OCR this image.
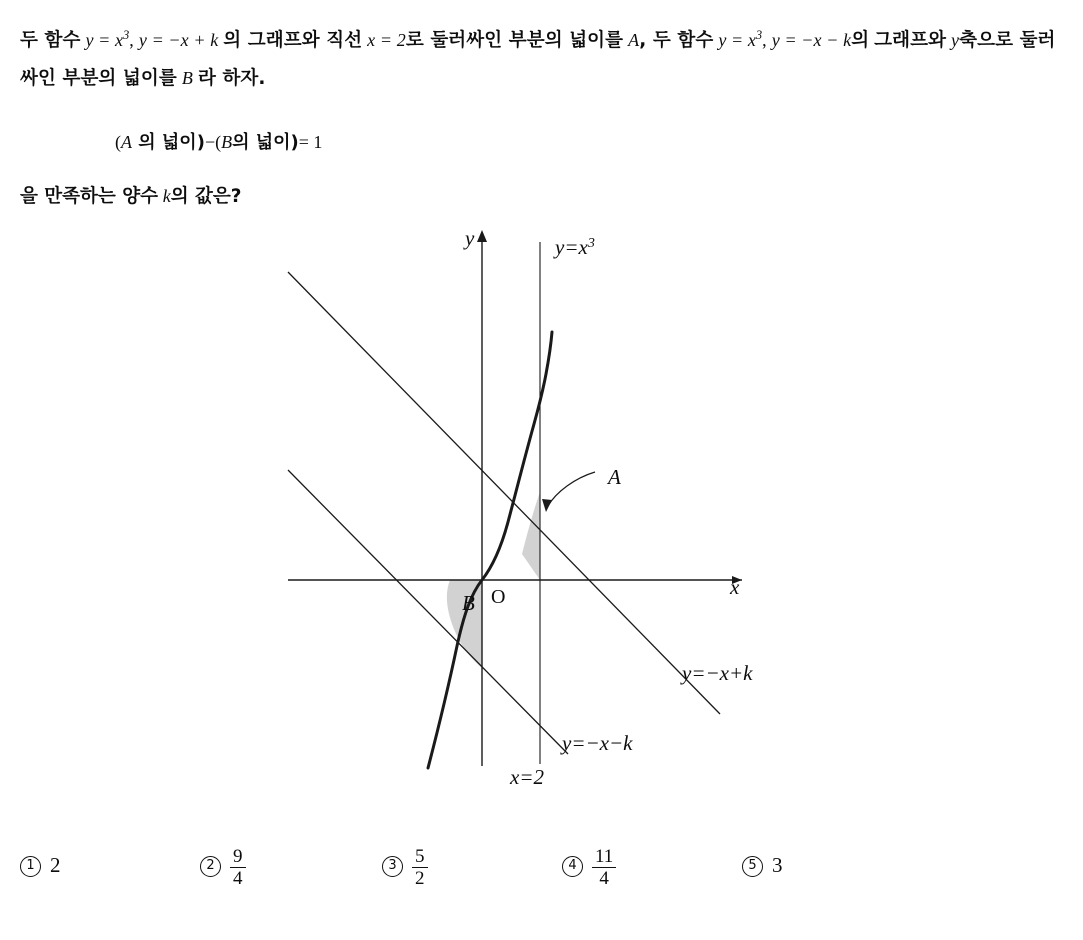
두 함수 $y = x^3$, y = −x + k 의 그래프와 직선 x = 2로 둘러싸인 부분의 넓이를 A, 두 함수 $y = x^3$, y = −x − k의 그래프와 y축으로 둘러싸인 부분의 넓이를 B 라 하자.
(A 의 넓이)−(B의 넓이)= 1
을 만족하는 양수 k의 값은?
$y=x^3$
A
B O	x
y
y=−x+k
y=−x−k
x=2
1 2	$2 \frac{9}{4}$	$3 \frac{5}{2}$	$4 \frac{11}{4}$	5 3
